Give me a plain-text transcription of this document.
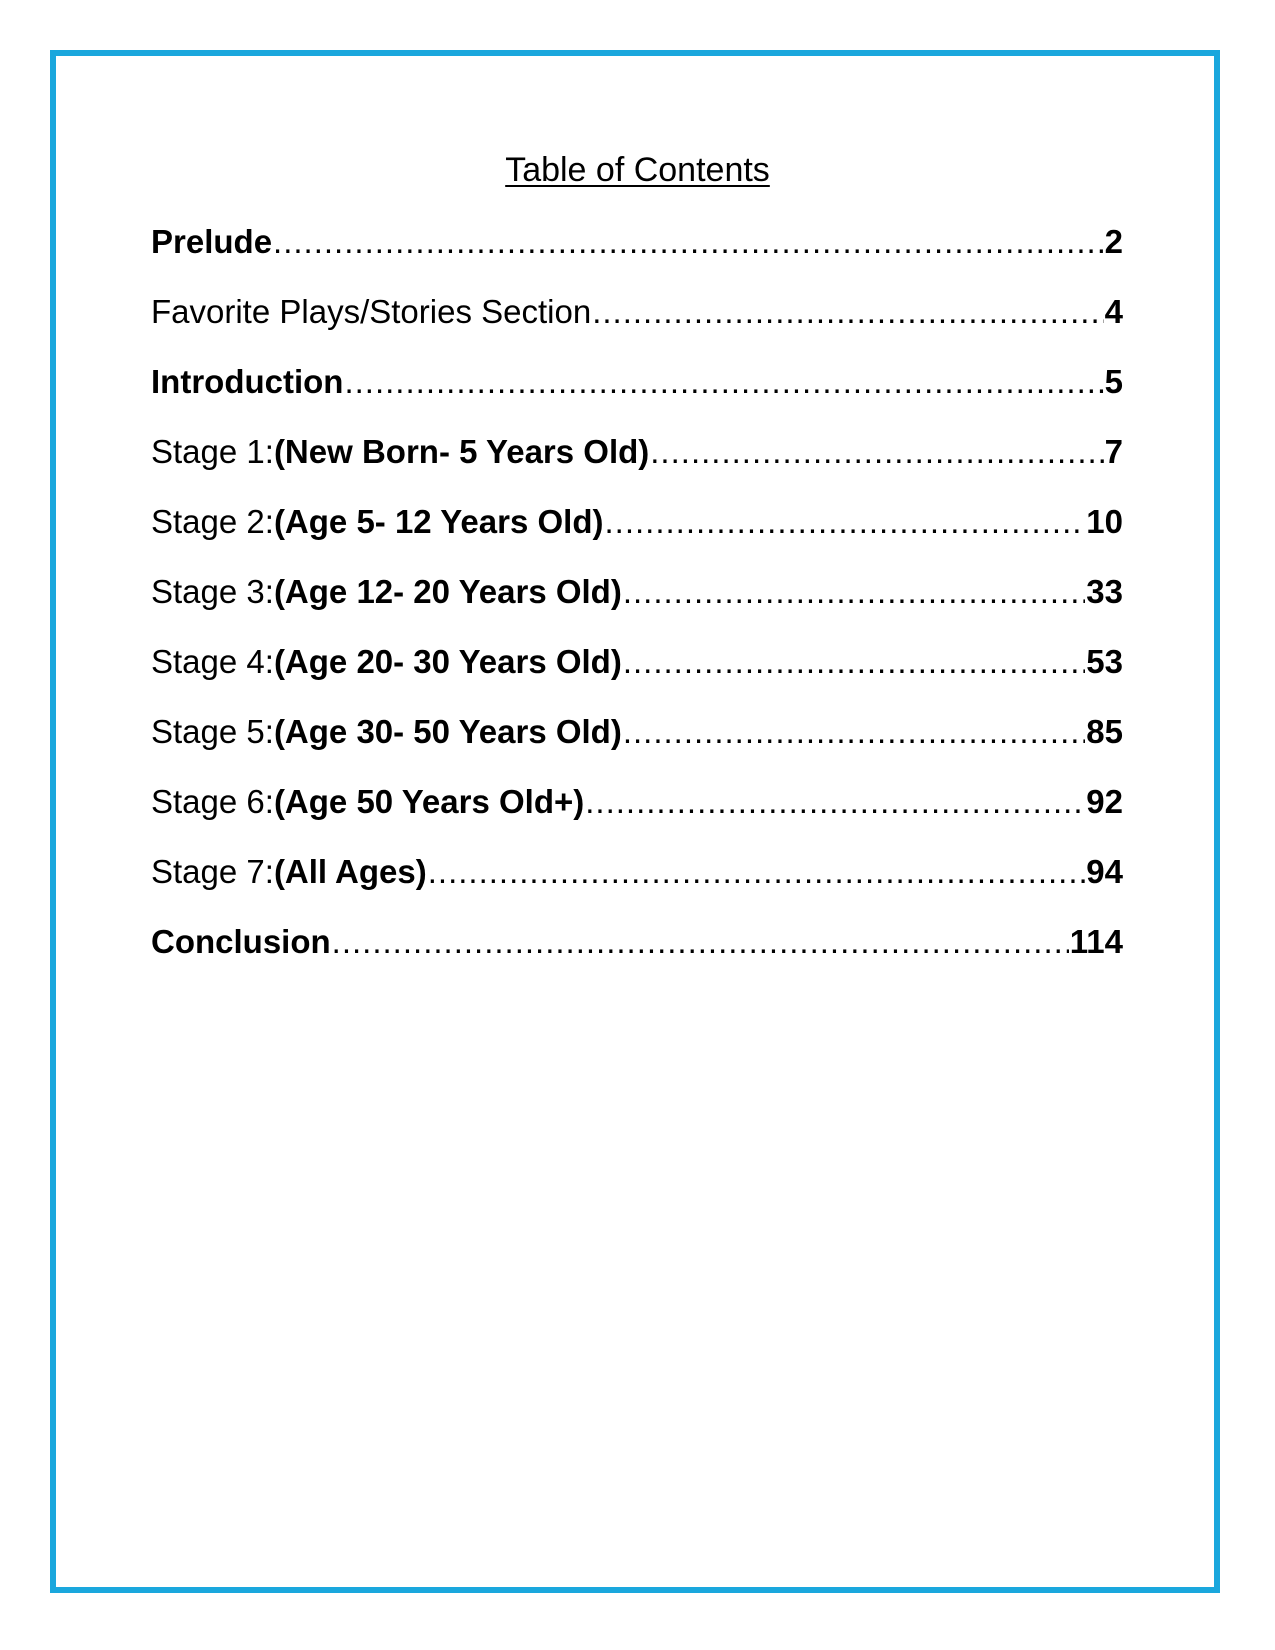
Table of Contents
Prelude .....	2
Favorite Plays/Stories Section .....	4
Introduction .....	5
Stage 1: (New Born- 5 Years Old) .....	7
Stage 2: (Age 5- 12 Years Old) .....	10
Stage 3: (Age 12- 20 Years Old) .....	33
Stage 4: (Age 20- 30 Years Old) .....	53
Stage 5: (Age 30- 50 Years Old) .....	85
Stage 6: (Age 50 Years Old+) .....	92
Stage 7: (All Ages) .....	94
Conclusion .....	114
